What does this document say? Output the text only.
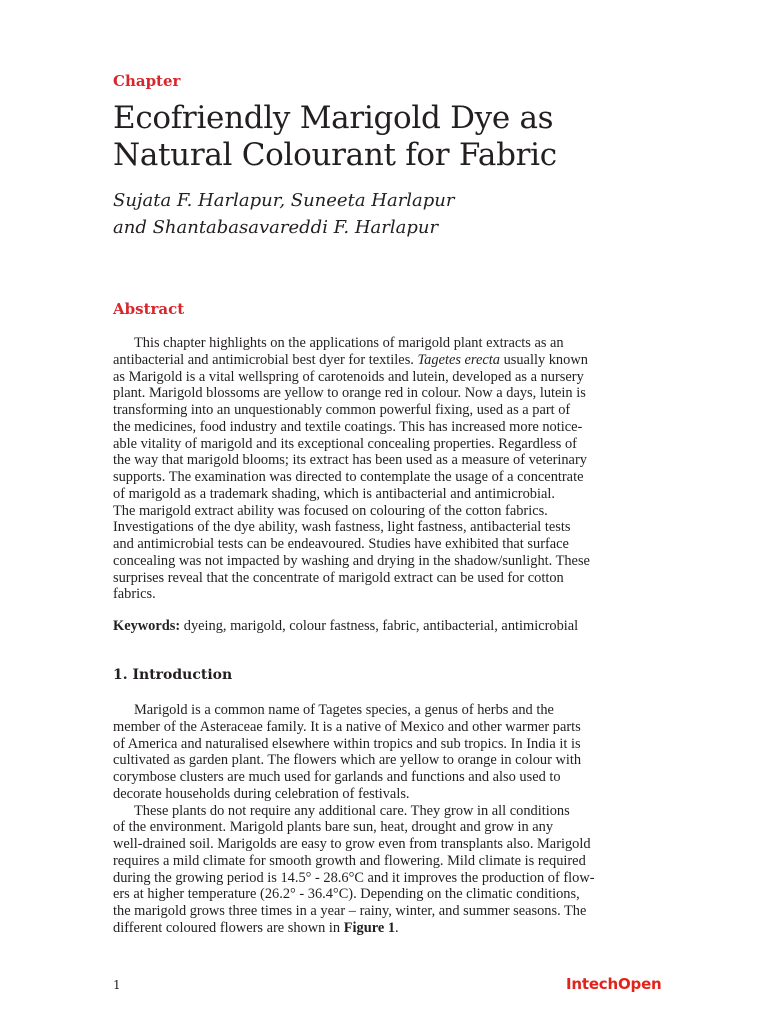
Chapter
Ecofriendly Marigold Dye as
Natural Colourant for Fabric
Sujata F. Harlapur, Suneeta Harlapur
and Shantabasavareddi F. Harlapur
Abstract
This chapter highlights on the applications of marigold plant extracts as an
antibacterial and antimicrobial best dyer for textiles. Tagetes erecta usually known
as Marigold is a vital wellspring of carotenoids and lutein, developed as a nursery
plant. Marigold blossoms are yellow to orange red in colour. Now a days, lutein is
transforming into an unquestionably common powerful fixing, used as a part of
the medicines, food industry and textile coatings. This has increased more notice-
able vitality of marigold and its exceptional concealing properties. Regardless of
the way that marigold blooms; its extract has been used as a measure of veterinary
supports. The examination was directed to contemplate the usage of a concentrate
of marigold as a trademark shading, which is antibacterial and antimicrobial.
The marigold extract ability was focused on colouring of the cotton fabrics.
Investigations of the dye ability, wash fastness, light fastness, antibacterial tests
and antimicrobial tests can be endeavoured. Studies have exhibited that surface
concealing was not impacted by washing and drying in the shadow/sunlight. These
surprises reveal that the concentrate of marigold extract can be used for cotton
fabrics.
Keywords: dyeing, marigold, colour fastness, fabric, antibacterial, antimicrobial
1. Introduction
Marigold is a common name of Tagetes species, a genus of herbs and the
member of the Asteraceae family. It is a native of Mexico and other warmer parts
of America and naturalised elsewhere within tropics and sub tropics. In India it is
cultivated as garden plant. The flowers which are yellow to orange in colour with
corymbose clusters are much used for garlands and functions and also used to
decorate households during celebration of festivals.
These plants do not require any additional care. They grow in all conditions
of the environment. Marigold plants bare sun, heat, drought and grow in any
well-drained soil. Marigolds are easy to grow even from transplants also. Marigold
requires a mild climate for smooth growth and flowering. Mild climate is required
during the growing period is 14.5° - 28.6°C and it improves the production of flow-
ers at higher temperature (26.2° - 36.4°C). Depending on the climatic conditions,
the marigold grows three times in a year – rainy, winter, and summer seasons. The
different coloured flowers are shown in Figure 1.
1	IntechOpen
